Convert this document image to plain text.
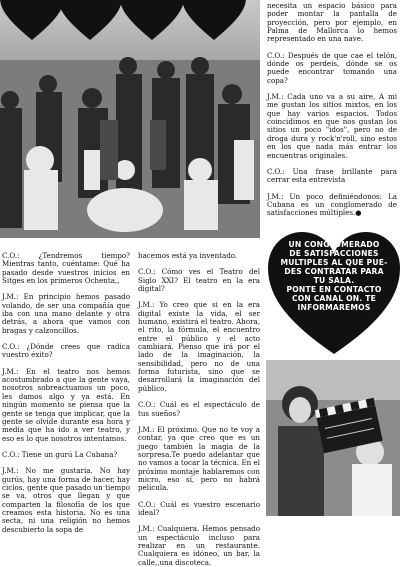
necesita un espacio básico para poder montar la pantalla de proyección, pero por ejemplo, en Palma de Mallorca lo hemos representado en una nave.

C.O.: Después de que cae el telón, dónde os perdeis, dónde se os puede encontrar tomando una copa?

J.M.: Cada uno va a su aire, A mi me gustan los sitios mixtos, en los que hay varios espacios. Todos coincidimos en que nos gustan los sitios un poco "idos", pero no de droga dura y rock'n'roll, sino estos en los que nada más entrar los encuentras originales.

C.O.: Una frase brillante para cerrar esta entrevista

J.M.: Un poco definiéndonos: La Cubana es un conglomerado de satisfacciones múltiples.●

C.O.: ¿Tendremos tiempo? Mientras tanto, cuéntame: Qué ha pasado desde vuestros inicios en Sitges en los primeros Ochenta,,

J.M.: En principio hemos pasado volando, de ser una compañía que iba con una mano delante y otra detrás, a ahora que vamos con bragas y calzoncillos.

C.O.: ¿Dónde crees que radica vuestro éxito?

J.M.: En el teatro nos hemos acostumbrado a que la gente vaya, nosotros sobreactuamos un poco, les damos algo y ya está. En ningún momento se piensa que la gente se tenga que implicar, que la gente se olvide durante esa hora y media que ha ido a ver teatro, y eso es lo que nosotros intentamos.

C.O.: Tiene un gurú La Cubana?

J.M.: No me gustaría. No hay gurús, hay una forma de hacer, hay ciclos, gente que pasado un tiempo se va, otros que llegan y que comparten la filosofía de los que creamos esta historia. No es una secta, ni una religión no hemos descubierto la sopa de

hacemos está ya inventado.

C.O.: Cómo ves el Teatro del Siglo XXI? El teatro en la era digital?

J.M.: Yo creo que si en la era digital existe la vida, el ser humano, existirá el teatro. Ahora, el rito, la fórmula, el encuentro entre el público y el acto cambiará. Pienso que irá por el lado de la imaginación, la sensibilidad, pero no de una forma futurista, sino que se desarrollará la imaginación del público.

C.O.: Cuál es el espectáculo de tus sueños?

J.M.: El próximo. Que no te voy a contar, ya que creo que es un juego también la magia de la sorpresa.Te puedo adelantar que no vamos a tocar la técnica. En el próximo montaje hablaremos con micro, eso sí, pero no habrá película.

C.O.: Cuál es vuestro escenario ideal?

J.M.: Cualquiera. Hemos pensado un espectáculo incluso para realizar en un restaurante. Cualquiera es idóneo, un bar, la calle,,una discoteca.

UN CONGLOMERADO
DE SATISFACCIONES
MULTIPLES AL QUE PUE-
DES CONTRATAR PARA
TU SALA.
PONTE EN CONTACTO
CON CANAL ON. TE
INFORMAREMOS
